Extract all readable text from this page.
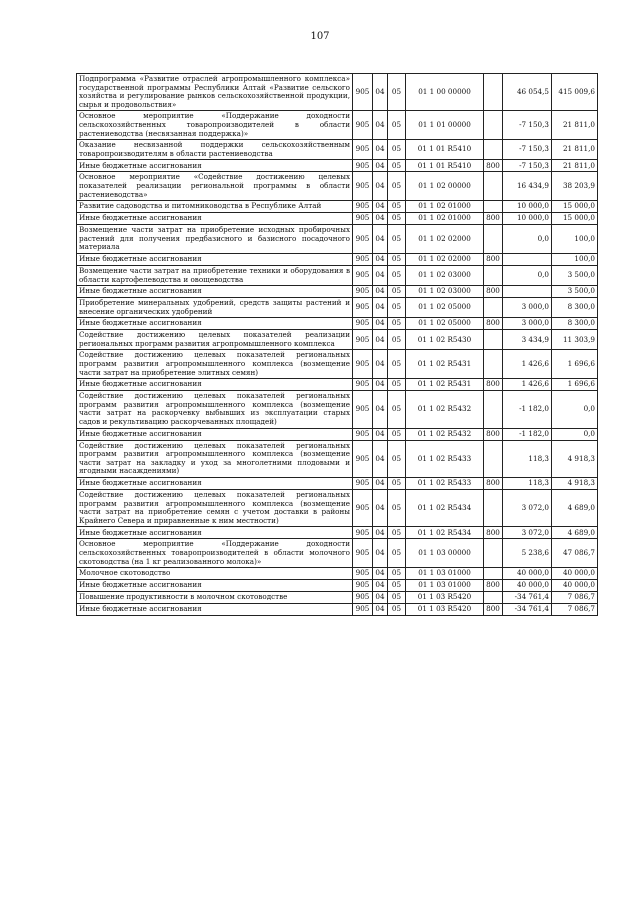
107
Подпрограмма «Развитие отраслей агропромышленного комплекса» государственной программы Республики Алтай «Развитие сельского хозяйства и регулирование рынков сельскохозяйственной продукции, сырья и продовольствия»	905	04	05	01 1 00 00000		46 054,5	415 009,6
Основное мероприятие «Поддержание доходности сельскохозяйственных товаропроизводителей в области растениеводства (несвязанная поддержка)»	905	04	05	01 1 01 00000		-7 150,3	21 811,0
Оказание несвязанной поддержки сельскохозяйственным товаропроизводителям в области растениеводства	905	04	05	01 1 01 R5410		-7 150,3	21 811,0
Иные бюджетные ассигнования	905	04	05	01 1 01 R5410	800	-7 150,3	21 811,0
Основное мероприятие «Содействие достижению целевых показателей реализации региональной программы в области растениеводства»	905	04	05	01 1 02 00000		16 434,9	38 203,9
Развитие садоводства и питомниководства в Республике Алтай	905	04	05	01 1 02 01000		10 000,0	15 000,0
Иные бюджетные ассигнования	905	04	05	01 1 02 01000	800	10 000,0	15 000,0
Возмещение части затрат на приобретение исходных пробирочных растений для получения предбазисного и базисного посадочного материала	905	04	05	01 1 02 02000		0,0	100,0
Иные бюджетные ассигнования	905	04	05	01 1 02 02000	800		100,0
Возмещение части затрат на приобретение техники и оборудования в области картофелеводства и овощеводства	905	04	05	01 1 02 03000		0,0	3 500,0
Иные бюджетные ассигнования	905	04	05	01 1 02 03000	800		3 500,0
Приобретение минеральных удобрений, средств защиты растений и внесение органических удобрений	905	04	05	01 1 02 05000		3 000,0	8 300,0
Иные бюджетные ассигнования	905	04	05	01 1 02 05000	800	3 000,0	8 300,0
Содействие достижению целевых показателей реализации региональных программ развития агропромышленного комплекса	905	04	05	01 1 02 R5430		3 434,9	11 303,9
Содействие достижению целевых показателей региональных программ развития агропромышленного комплекса (возмещение части затрат на приобретение элитных семян)	905	04	05	01 1 02 R5431		1 426,6	1 696,6
Иные бюджетные ассигнования	905	04	05	01 1 02 R5431	800	1 426,6	1 696,6
Содействие достижению целевых показателей региональных программ развития агропромышленного комплекса (возмещение части затрат на раскорчевку выбывших из эксплуатации старых садов и рекультивацию раскорчеванных площадей)	905	04	05	01 1 02 R5432		-1 182,0	0,0
Иные бюджетные ассигнования	905	04	05	01 1 02 R5432	800	-1 182,0	0,0
Содействие достижению целевых показателей региональных программ развития агропромышленного комплекса (возмещение части затрат на закладку и уход за многолетними плодовыми и ягодными насаждениями)	905	04	05	01 1 02 R5433		118,3	4 918,3
Иные бюджетные ассигнования	905	04	05	01 1 02 R5433	800	118,3	4 918,3
Содействие достижению целевых показателей региональных программ развития агропромышленного комплекса (возмещение части затрат на приобретение семян с учетом доставки в районы Крайнего Севера и приравненные к ним местности)	905	04	05	01 1 02 R5434		3 072,0	4 689,0
Иные бюджетные ассигнования	905	04	05	01 1 02 R5434	800	3 072,0	4 689,0
Основное мероприятие «Поддержание доходности сельскохозяйственных товаропроизводителей в области молочного скотоводства (на 1 кг реализованного молока)»	905	04	05	01 1 03 00000		5 238,6	47 086,7
Молочное скотоводство	905	04	05	01 1 03 01000		40 000,0	40 000,0
Иные бюджетные ассигнования	905	04	05	01 1 03 01000	800	40 000,0	40 000,0
Повышение продуктивности в молочном скотоводстве	905	04	05	01 1 03 R5420		-34 761,4	7 086,7
Иные бюджетные ассигнования	905	04	05	01 1 03 R5420	800	-34 761,4	7 086,7
